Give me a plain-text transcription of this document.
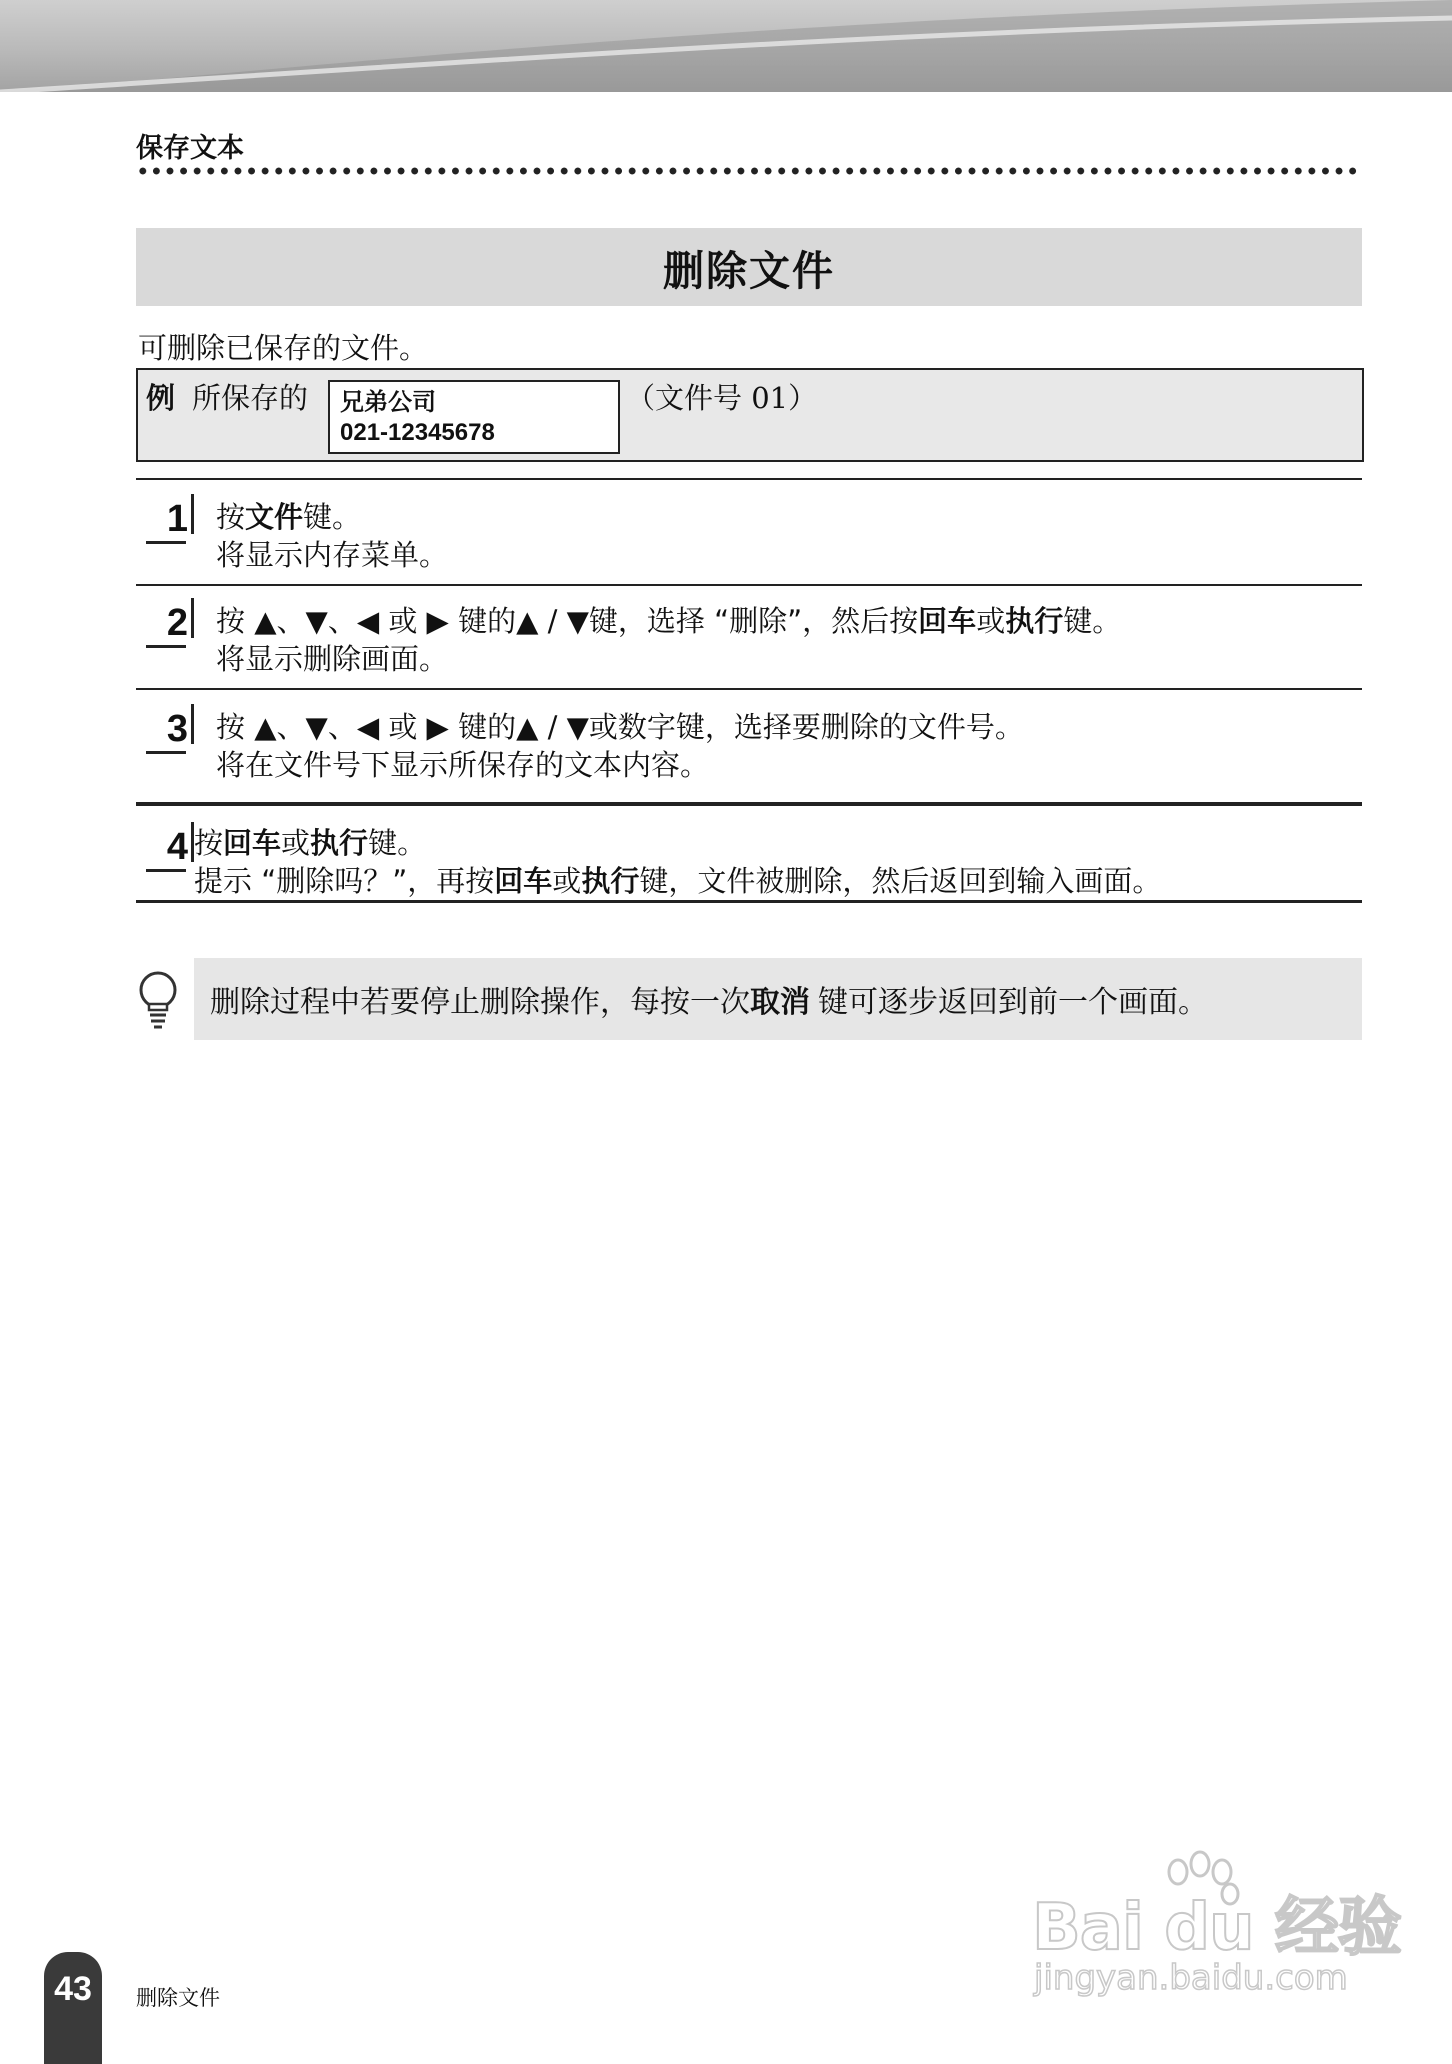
保存文本
删除文件
可删除已保存的文件。
例 所保存的	兄弟公司
021-12345678
（文件号 01）
1 按文件键。
将显示内存菜单。
2 按 ▲、▼、◀ 或 ▶ 键的▲ / ▼键，选择 “删除”，然后按回车或执行键。
将显示删除画面。
3 按 ▲、▼、◀ 或 ▶ 键的▲ / ▼或数字键，选择要删除的文件号。
将在文件号下显示所保存的文本内容。
4 按回车或执行键。
提示 “删除吗？”，再按回车或执行键，文件被删除，然后返回到输入画面。
删除过程中若要停止删除操作，每按一次取消 键可逐步返回到前一个画面。
Bai du 经验
jingyan.baidu.com
43	删除文件
